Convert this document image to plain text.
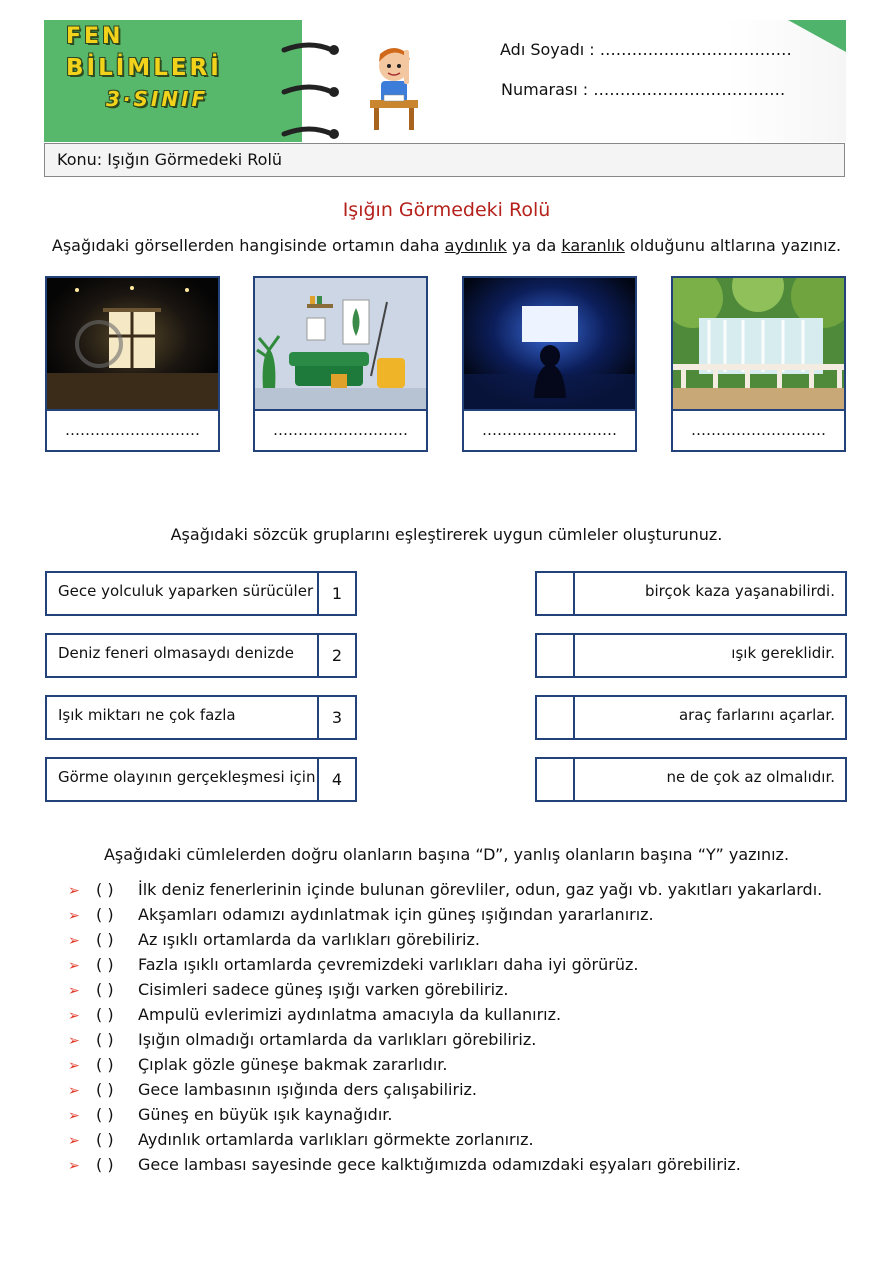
FEN
BİLİMLERİ
3·SINIF
Adı Soyadı : ………………………………
Numarası : ………………………………
Konu: Işığın Görmedeki Rolü
Işığın Görmedeki Rolü
Aşağıdaki görsellerden hangisinde ortamın daha aydınlık ya da karanlık olduğunu altlarına yazınız.
………………………	………………………	………………………	………………………
Aşağıdaki sözcük gruplarını eşleştirerek uygun cümleler oluşturunuz.
Gece yolculuk yaparken sürücüler	1
Deniz feneri olmasaydı denizde	2
Işık miktarı ne çok fazla	3
Görme olayının gerçekleşmesi için	4
birçok kaza yaşanabilirdi.
ışık gereklidir.
araç farlarını açarlar.
ne de çok az olmalıdır.
Aşağıdaki cümlelerden doğru olanların başına “D”, yanlış olanların başına “Y” yazınız.
➢ ( ) İlk deniz fenerlerinin içinde bulunan görevliler, odun, gaz yağı vb. yakıtları yakarlardı.
➢ ( ) Akşamları odamızı aydınlatmak için güneş ışığından yararlanırız.
➢ ( ) Az ışıklı ortamlarda da varlıkları görebiliriz.
➢ ( ) Fazla ışıklı ortamlarda çevremizdeki varlıkları daha iyi görürüz.
➢ ( ) Cisimleri sadece güneş ışığı varken görebiliriz.
➢ ( ) Ampulü evlerimizi aydınlatma amacıyla da kullanırız.
➢ ( ) Işığın olmadığı ortamlarda da varlıkları görebiliriz.
➢ ( ) Çıplak gözle güneşe bakmak zararlıdır.
➢ ( ) Gece lambasının ışığında ders çalışabiliriz.
➢ ( ) Güneş en büyük ışık kaynağıdır.
➢ ( ) Aydınlık ortamlarda varlıkları görmekte zorlanırız.
➢ ( ) Gece lambası sayesinde gece kalktığımızda odamızdaki eşyaları görebiliriz.
